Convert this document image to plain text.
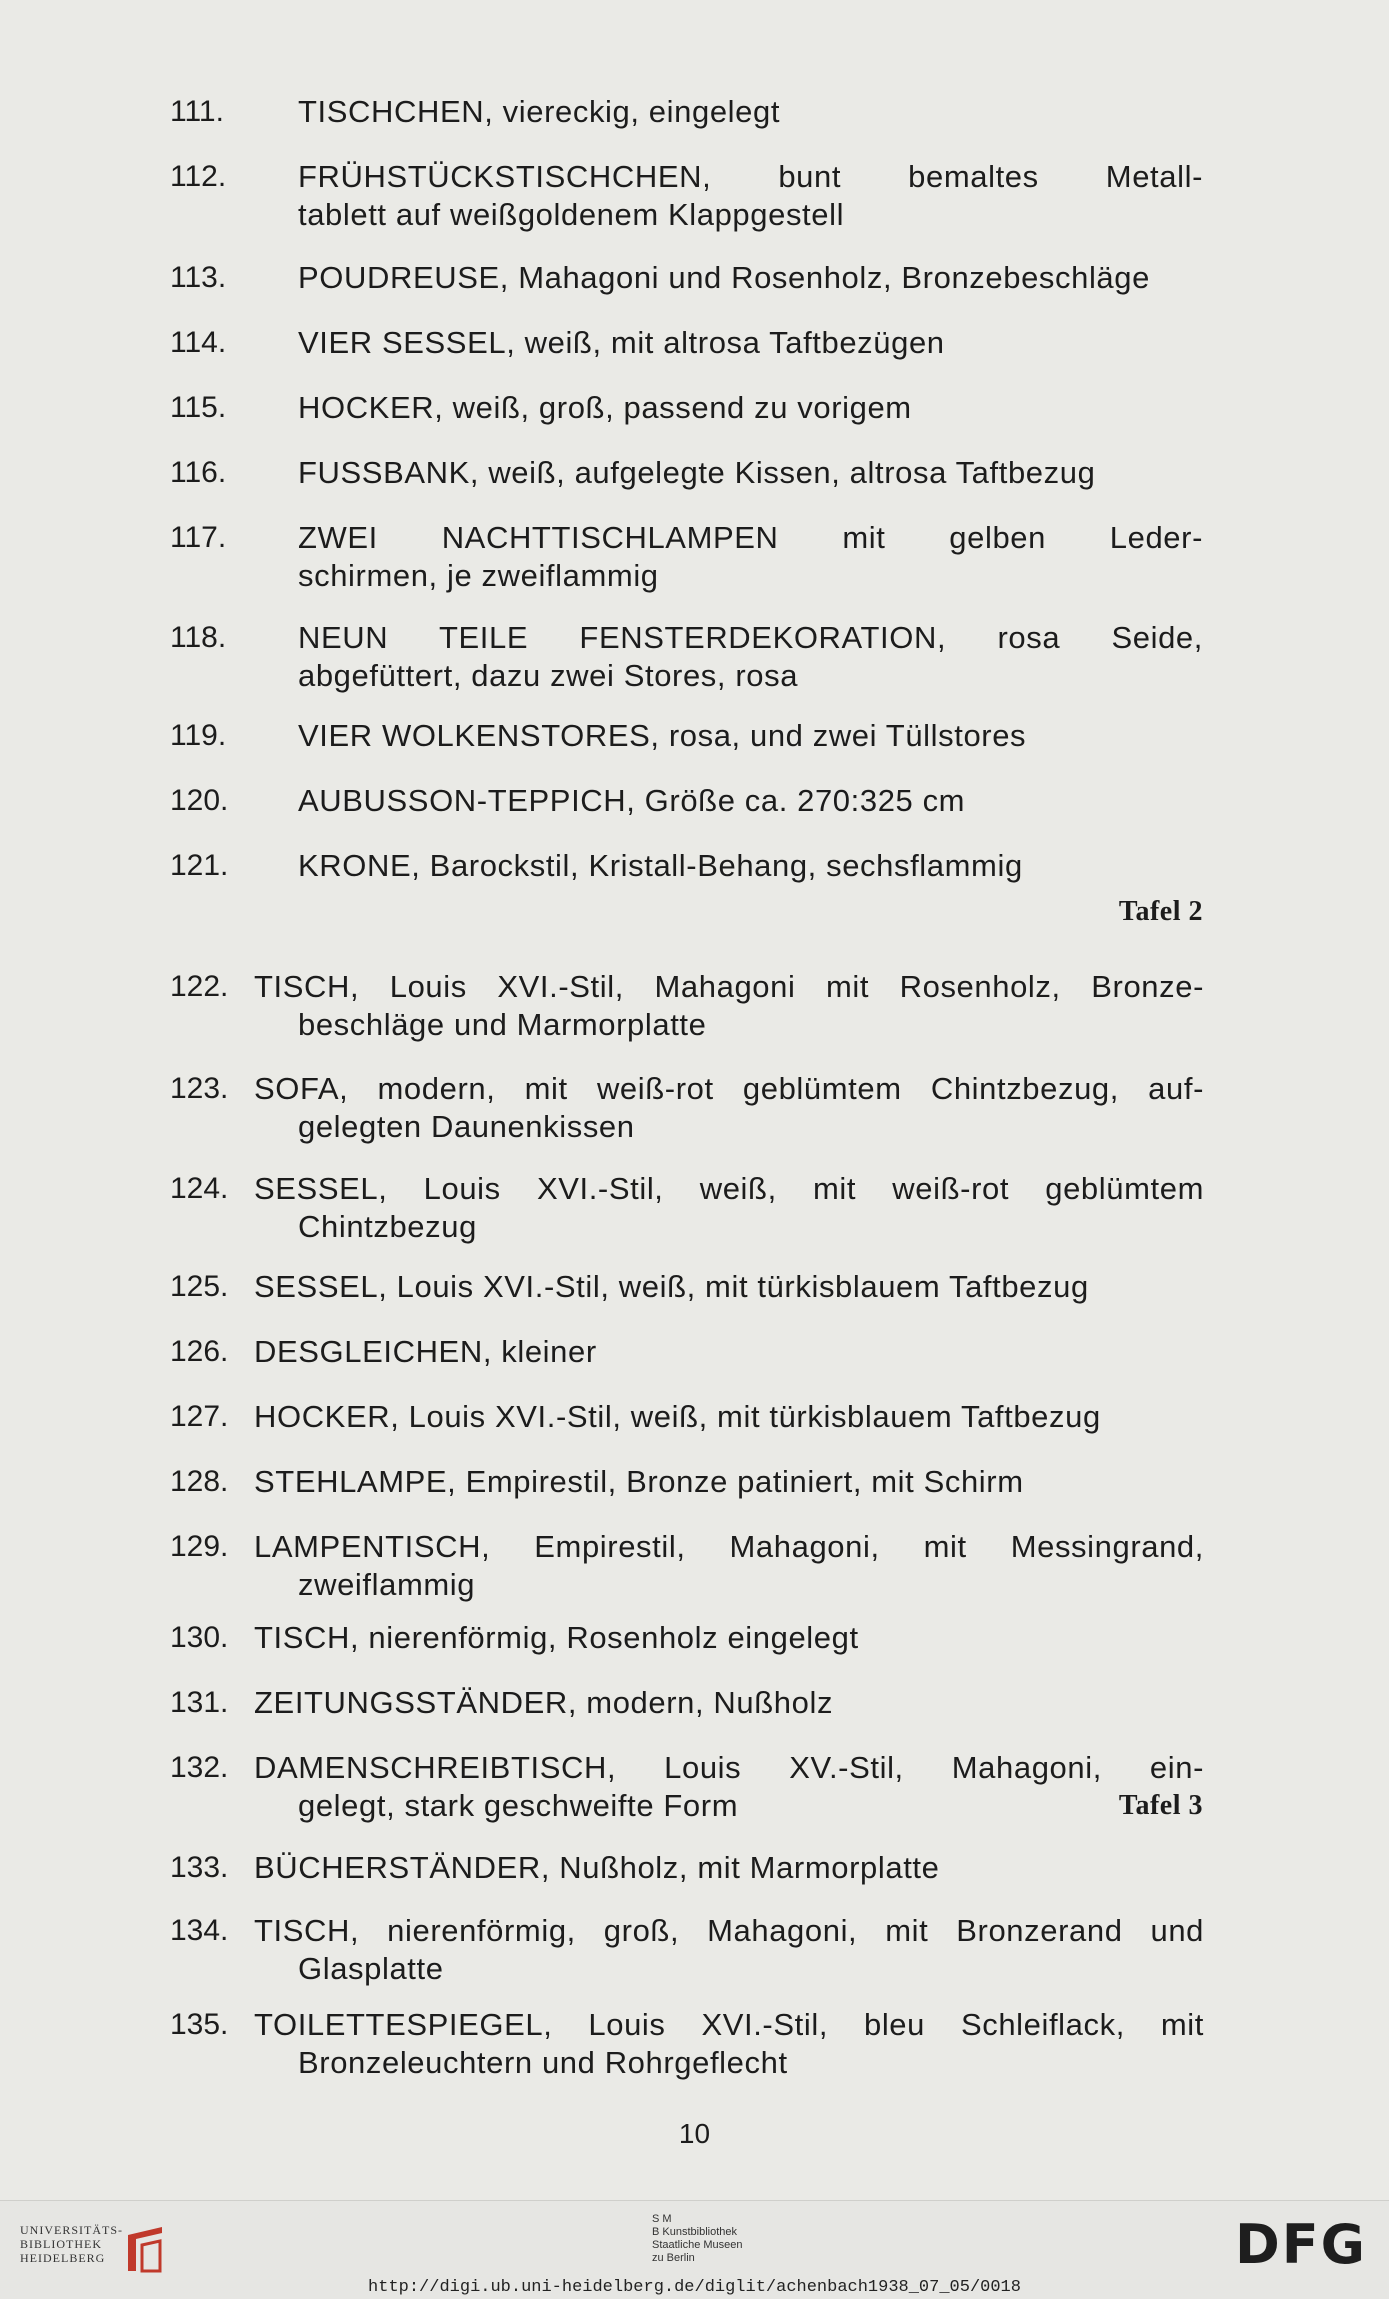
111. TISCHCHEN, viereckig, eingelegt
112. FRÜHSTÜCKSTISCHCHEN, bunt bemaltes Metall-
tablett auf weißgoldenem Klappgestell
113. POUDREUSE, Mahagoni und Rosenholz, Bronzebeschläge
114. VIER SESSEL, weiß, mit altrosa Taftbezügen
115. HOCKER, weiß, groß, passend zu vorigem
116. FUSSBANK, weiß, aufgelegte Kissen, altrosa Taftbezug
117. ZWEI NACHTTISCHLAMPEN mit gelben Leder-
schirmen, je zweiflammig
118. NEUN TEILE FENSTERDEKORATION, rosa Seide,
abgefüttert, dazu zwei Stores, rosa
119. VIER WOLKENSTORES, rosa, und zwei Tüllstores
120. AUBUSSON-TEPPICH, Größe ca. 270:325 cm
121. KRONE, Barockstil, Kristall-Behang, sechsflammig
Tafel 2
122. TISCH, Louis XVI.-Stil, Mahagoni mit Rosenholz, Bronze-
beschläge und Marmorplatte
123. SOFA, modern, mit weiß-rot geblümtem Chintzbezug, auf-
gelegten Daunenkissen
124. SESSEL, Louis XVI.-Stil, weiß, mit weiß-rot geblümtem
Chintzbezug
125. SESSEL, Louis XVI.-Stil, weiß, mit türkisblauem Taftbezug
126. DESGLEICHEN, kleiner
127. HOCKER, Louis XVI.-Stil, weiß, mit türkisblauem Taftbezug
128. STEHLAMPE, Empirestil, Bronze patiniert, mit Schirm
129. LAMPENTISCH, Empirestil, Mahagoni, mit Messingrand,
zweiflammig
130. TISCH, nierenförmig, Rosenholz eingelegt
131. ZEITUNGSSTÄNDER, modern, Nußholz
132. DAMENSCHREIBTISCH, Louis XV.-Stil, Mahagoni, ein-
gelegt, stark geschweifte Form	Tafel 3
133. BÜCHERSTÄNDER, Nußholz, mit Marmorplatte
134. TISCH, nierenförmig, groß, Mahagoni, mit Bronzerand und
Glasplatte
135. TOILETTESPIEGEL, Louis XVI.-Stil, bleu Schleiflack, mit
Bronzeleuchtern und Rohrgeflecht
10
UNIVERSITÄTS-
BIBLIOTHEK
HEIDELBERG
S M
B Kunstbibliothek
Staatliche Museen
zu Berlin	DFG
http://digi.ub.uni-heidelberg.de/diglit/achenbach1938_07_05/0018
